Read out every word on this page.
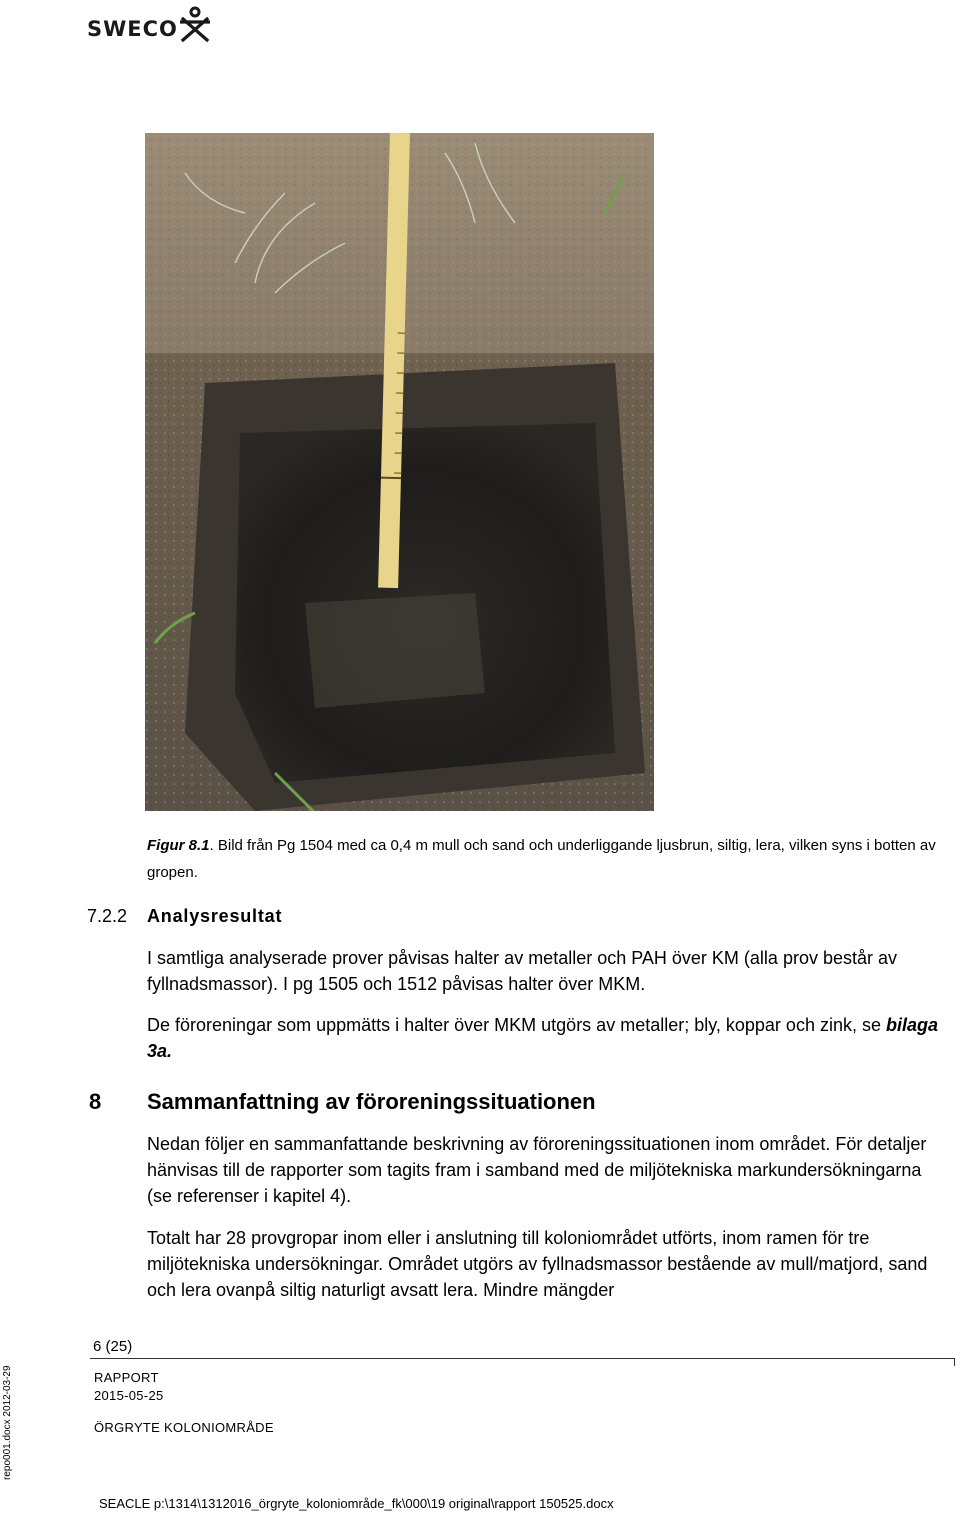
SWECO
Figur 8.1. Bild från Pg 1504 med ca 0,4 m mull och sand och underliggande ljusbrun, siltig, lera, vilken syns i botten av gropen.
7.2.2 Analysresultat
I samtliga analyserade prover påvisas halter av metaller och PAH över KM (alla prov består av fyllnadsmassor). I pg 1505 och 1512 påvisas halter över MKM.
De föroreningar som uppmätts i halter över MKM utgörs av metaller; bly, koppar och zink, se bilaga 3a.
8 Sammanfattning av föroreningssituationen
Nedan följer en sammanfattande beskrivning av föroreningssituationen inom området. För detaljer hänvisas till de rapporter som tagits fram i samband med de miljötekniska markundersökningarna (se referenser i kapitel 4).
Totalt har 28 provgropar inom eller i anslutning till koloniområdet utförts, inom ramen för tre miljötekniska undersökningar. Området utgörs av fyllnadsmassor bestående av mull/matjord, sand och lera ovanpå siltig naturligt avsatt lera. Mindre mängder
6 (25)
RAPPORT
2015-05-25
ÖRGRYTE KOLONIOMRÅDE
repo001.docx 2012-03-29
SEACLE p:\1314\1312016_örgryte_koloniområde_fk\000\19 original\rapport 150525.docx
